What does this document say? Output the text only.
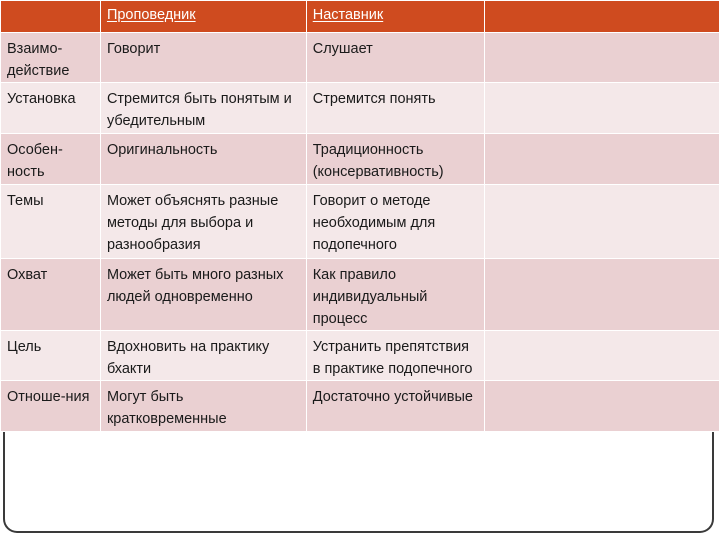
	Проповедник	Наставник	
Взаимо-
действие	Говорит	Слушает	
Установка	Стремится быть понятым и убедительным	Стремится понять	
Особен-
ность	Оригинальность	Традиционность (консервативность)	
Темы	Может объяснять разные методы для выбора и разнообразия	Говорит о методе необходимым для подопечного	
Охват	Может быть много разных людей одновременно	Как правило индивидуальный процесс	
Цель	Вдохновить на практику бхакти	Устранить препятствия в практике подопечного	
Отноше-ния	Могут быть кратковременные	Достаточно устойчивые	
